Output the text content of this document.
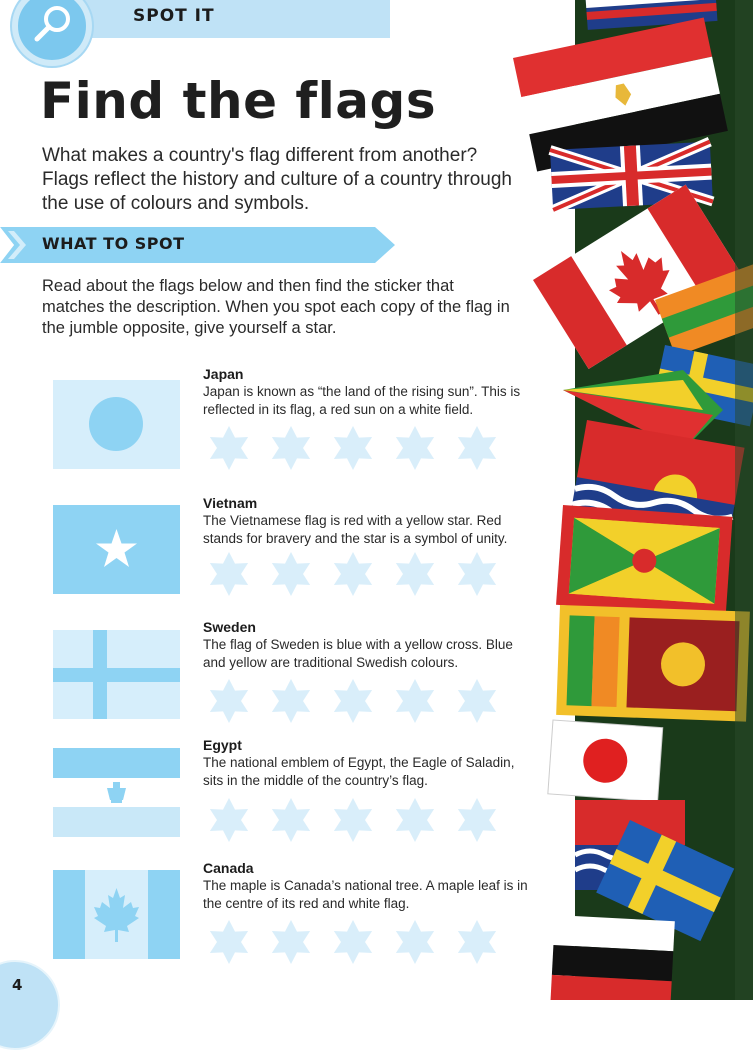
SPOT IT
Find the flags

What makes a country's flag different from another? Flags reflect the history and culture of a country through the use of colours and symbols.

WHAT TO SPOT

Read about the flags below and then find the sticker that matches the description. When you spot each copy of the flag in the jumble opposite, give yourself a star.

Japan
Japan is known as “the land of the rising sun”. This is reflected in its flag, a red sun on a white field.
Vietnam
The Vietnamese flag is red with a yellow star. Red stands for bravery and the star is a symbol of unity.
Sweden
The flag of Sweden is blue with a yellow cross. Blue and yellow are traditional Swedish colours.
Egypt
The national emblem of Egypt, the Eagle of Saladin, sits in the middle of the country’s flag.
Canada
The maple is Canada’s national tree. A maple leaf is in the centre of its red and white flag.
4
